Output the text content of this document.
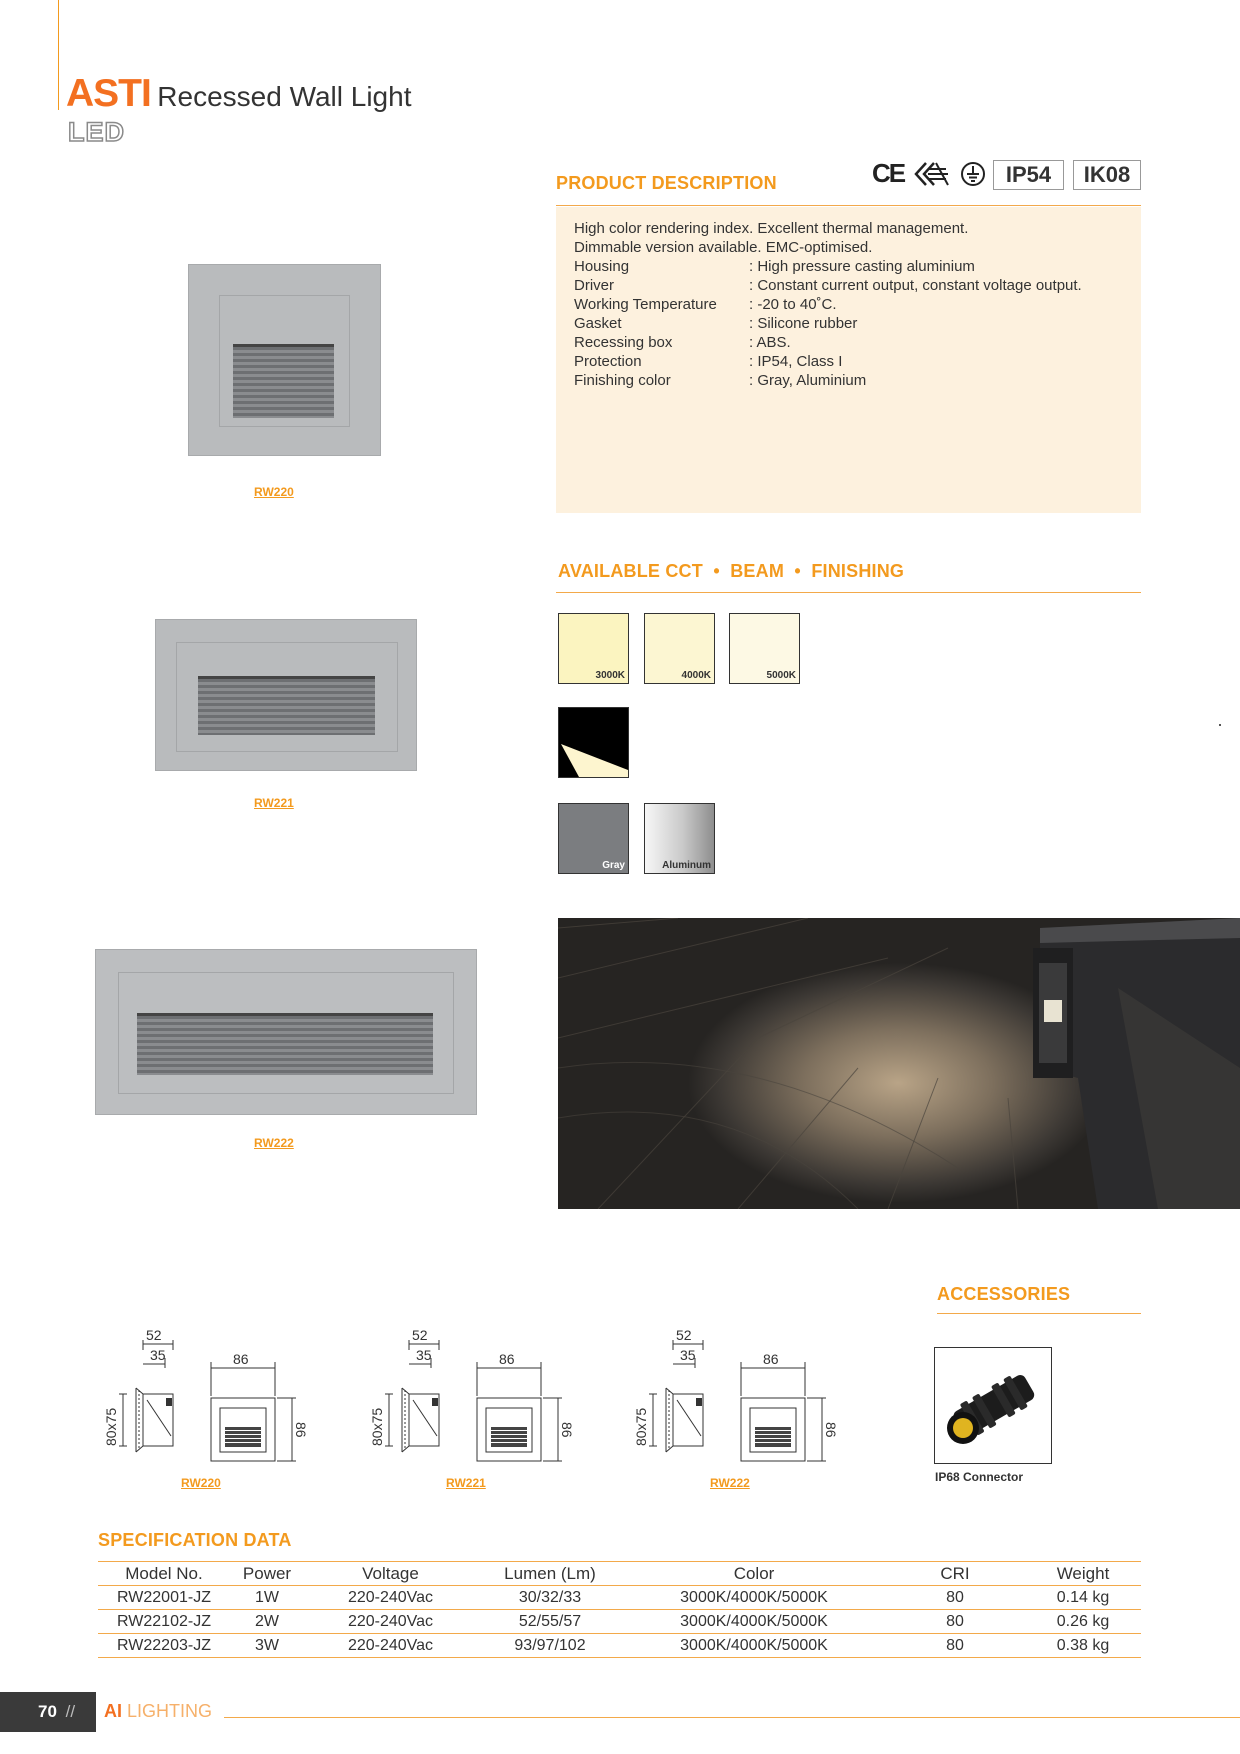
ASTI Recessed Wall Light
LED
PRODUCT DESCRIPTION	CE	IP54	IK08
High color rendering index. Excellent thermal management.
Dimmable version available. EMC-optimised.
Housing	: High pressure casting aluminium
Driver	: Constant current output, constant voltage output.
Working Temperature	: -20 to 40˚C.
Gasket	: Silicone rubber
Recessing box	: ABS.
Protection	: IP54, Class I
Finishing color	: Gray, Aluminium
RW220
RW221
RW222
AVAILABLE CCT  •  BEAM  •  FINISHING
3000K	4000K	5000K
Gray	Aluminum
52
35	86
86
80x75
RW220
52
35	86
86
80x75
RW221
52
35	86
86
80x75
RW222
ACCESSORIES
IP68 Connector
SPECIFICATION DATA
Model No.	Power	Voltage	Lumen (Lm)	Color	CRI	Weight
RW22001-JZ	1W	220-240Vac	30/32/33	3000K/4000K/5000K	80	0.14 kg
RW22102-JZ	2W	220-240Vac	52/55/57	3000K/4000K/5000K	80	0.26 kg
RW22203-JZ	3W	220-240Vac	93/97/102	3000K/4000K/5000K	80	0.38 kg
70 //	AI LIGHTING
